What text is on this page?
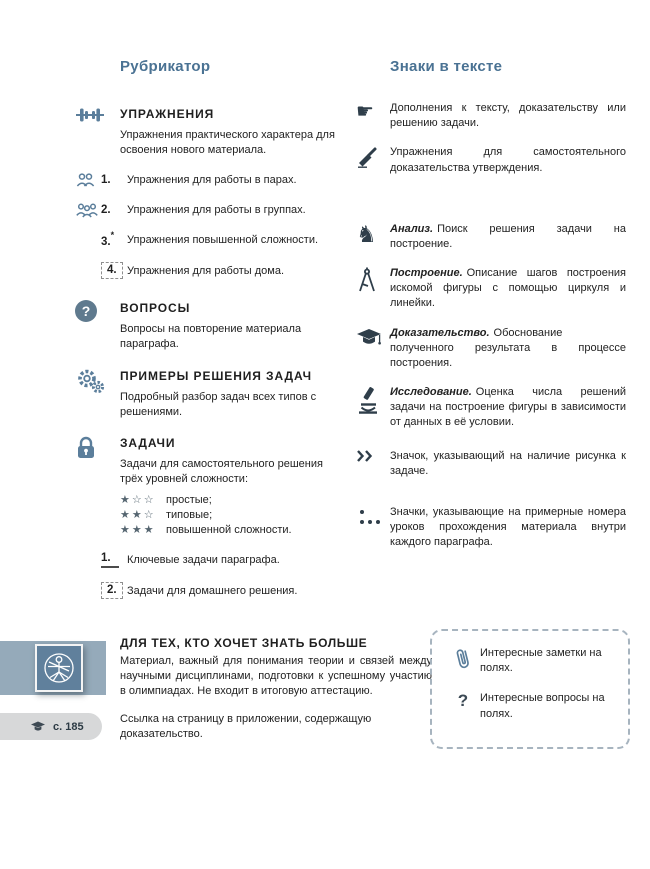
Рубрикатор
УПРАЖНЕНИЯ

Упражнения практического характера для освоения нового материала.

1.	Упражнения для работы в парах.
2.	Упражнения для работы в группах.
3.*	Упражнения повышенной сложности.
4. Упражнения для работы дома.
?	ВОПРОСЫ

Вопросы на повторение материала параграфа.

ПРИМЕРЫ РЕШЕНИЯ ЗАДАЧ

Подробный разбор задач всех типов с решениями.

ЗАДАЧИ

Задачи для самостоятельного решения трёх уровней сложности:

★☆☆ простые;
★★☆ типовые;
★★★ повышенной сложности.
1.	Ключевые задачи параграфа.
2. Задачи для домашнего решения.
Знаки в тексте
☛	Дополнения к тексту, доказательству или решению задачи.

Упражнения для самостоятельного доказательства утверждения.

♞	Анализ. Поиск решения задачи на построение.

Построение. Описание шагов построения искомой фигуры с помощью циркуля и линейки.

Доказательство. Обоснование полученного результата в процессе построения.

Исследование. Оценка числа решений задачи на построение фигуры в зависимости от данных в её условии.

Значок, указывающий на наличие рисунка к задаче.

Значки, указывающие на примерные номера уроков прохождения материала внутри каждого параграфа.

ДЛЯ ТЕХ, КТО ХОЧЕТ ЗНАТЬ БОЛЬШЕ
Материал, важный для понимания теории и связей между научными дисциплинами, подготовки к успешному участию в олимпиадах. Не входит в итоговую аттестацию.
с. 185
Ссылка на страницу в приложении, содержащую доказательство.
Интересные заметки на полях.
? Интересные вопросы на полях.
